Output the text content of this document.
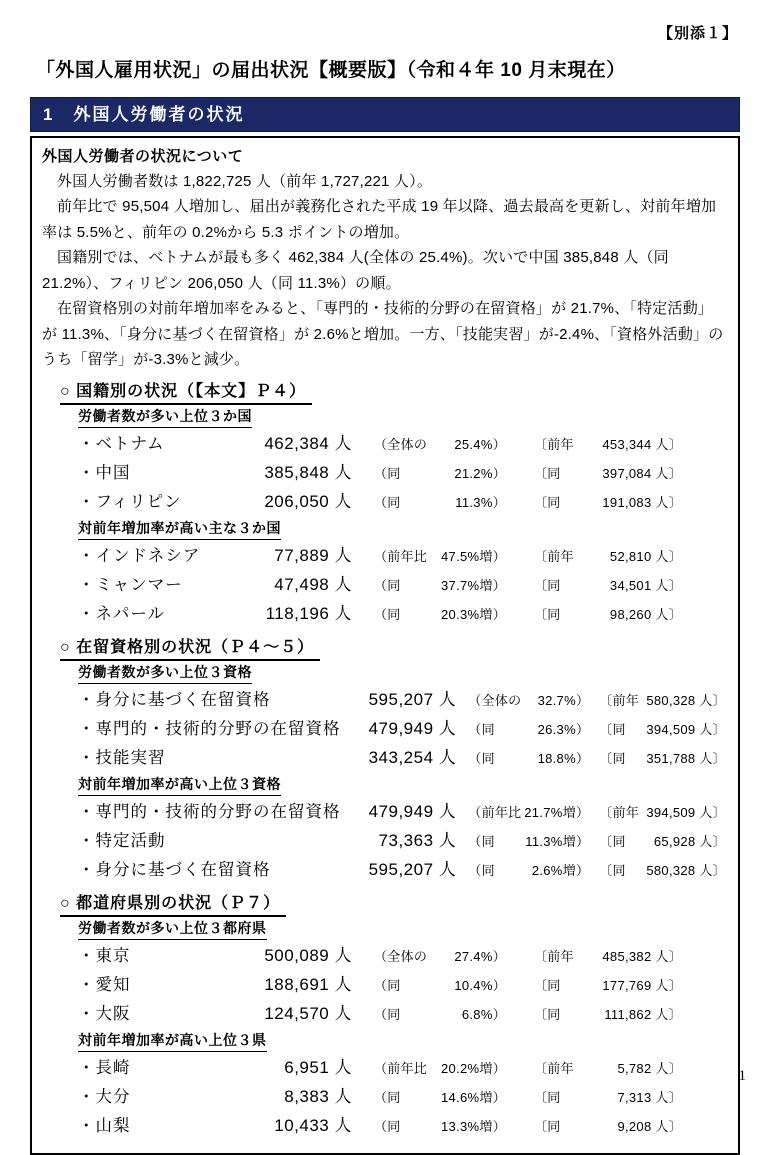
【別添１】
「外国人雇用状況」の届出状況【概要版】（令和４年 10 月末現在）
1　外国人労働者の状況
外国人労働者の状況について

外国人労働者数は 1,822,725 人（前年 1,727,221 人）。

前年比で 95,504 人増加し、届出が義務化された平成 19 年以降、過去最高を更新し、対前年増加率は 5.5%と、前年の 0.2%から 5.3 ポイントの増加。

国籍別では、ベトナムが最も多く 462,384 人(全体の 25.4%)。次いで中国 385,848 人（同 21.2%）、フィリピン 206,050 人（同 11.3%）の順。

在留資格別の対前年増加率をみると、「専門的・技術的分野の在留資格」が 21.7%、「特定活動」が 11.3%、「身分に基づく在留資格」が 2.6%と増加。一方、「技能実習」が-2.4%、「資格外活動」のうち「留学」が-3.3%と減少。

○ 国籍別の状況（【本文】Ｐ４）
労働者数が多い上位３か国
・ベトナム	462,384 人 （全体の 25.4%） 〔前年 453,344 人〕
・中国	385,848 人 （同	21.2%） 〔同	397,084 人〕
・フィリピン	206,050 人 （同	11.3%） 〔同	191,083 人〕
対前年増加率が高い主な３か国
・インドネシア	77,889 人 （前年比 47.5%増） 〔前年	52,810 人〕
・ミャンマー	47,498 人 （同	37.7%増） 〔同	34,501 人〕
・ネパール	118,196 人 （同	20.3%増） 〔同	98,260 人〕
○ 在留資格別の状況（Ｐ４～５）
労働者数が多い上位３資格
・身分に基づく在留資格	595,207 人 （全体の 32.7%） 〔前年 580,328 人〕
・専門的・技術的分野の在留資格	479,949 人 （同	26.3%） 〔同 394,509 人〕
・技能実習	343,254 人 （同	18.8%） 〔同 351,788 人〕
対前年増加率が高い上位３資格
・専門的・技術的分野の在留資格	479,949 人 （前年比 21.7%増） 〔前年 394,509 人〕
・特定活動	73,363 人 （同 11.3%増） 〔同 65,928 人〕
・身分に基づく在留資格	595,207 人 （同	2.6%増） 〔同 580,328 人〕
○ 都道府県別の状況（Ｐ７）
労働者数が多い上位３都府県
・東京	500,089 人 （全体の 27.4%） 〔前年 485,382 人〕
・愛知	188,691 人 （同	10.4%） 〔同	177,769 人〕
・大阪	124,570 人 （同	6.8%） 〔同	111,862 人〕
対前年増加率が高い上位３県
・長崎	6,951 人 （前年比 20.2%増） 〔前年	5,782 人〕
・大分	8,383 人 （同	14.6%増） 〔同	7,313 人〕
・山梨	10,433 人 （同	13.3%増） 〔同	9,208 人〕
1
